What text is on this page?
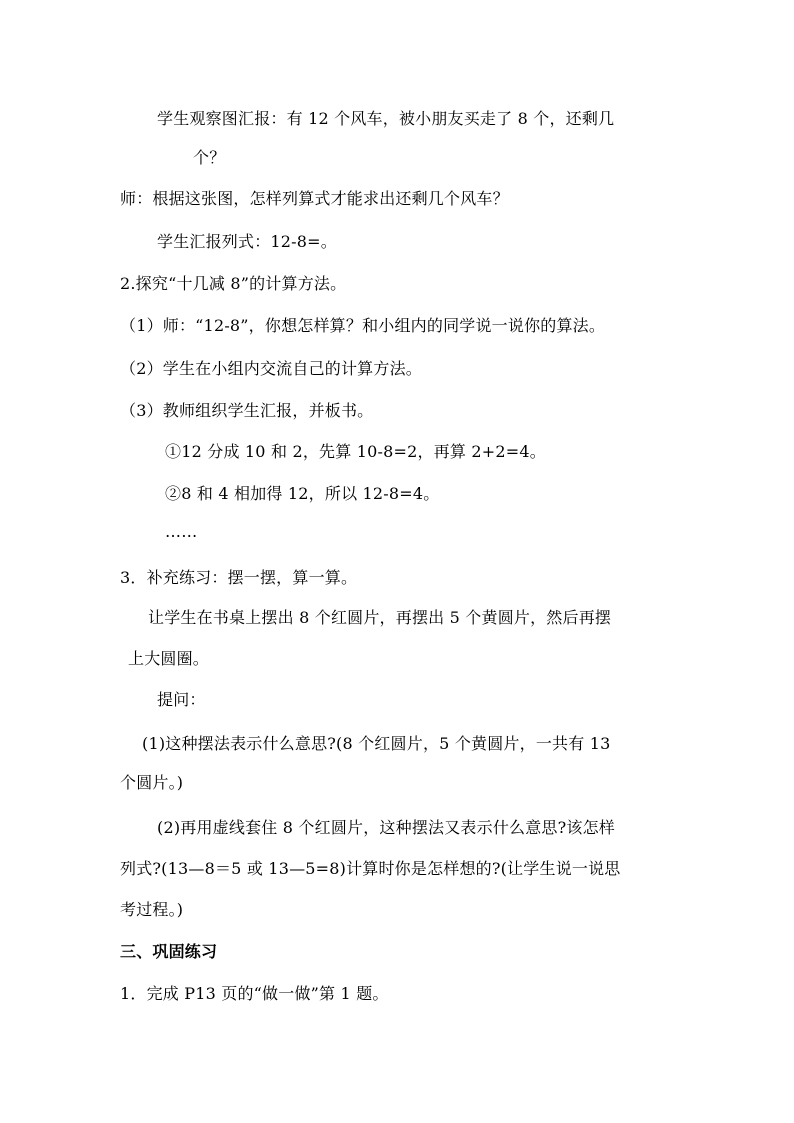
学生观察图汇报：有 12 个风车，被小朋友买走了 8 个，还剩几
个？
师：根据这张图，怎样列算式才能求出还剩几个风车？
学生汇报列式：12-8=。
2.探究“十几减 8”的计算方法。
（1）师：“12-8”，你想怎样算？和小组内的同学说一说你的算法。
（2）学生在小组内交流自己的计算方法。
（3）教师组织学生汇报，并板书。
①12 分成 10 和 2，先算 10-8=2，再算 2+2=4。
②8 和 4 相加得 12，所以 12-8=4。
……
3．补充练习：摆一摆，算一算。
让学生在书桌上摆出 8 个红圆片，再摆出 5 个黄圆片，然后再摆
上大圆圈。
提问：
(1)这种摆法表示什么意思?(8 个红圆片，5 个黄圆片，一共有 13
个圆片。)
(2)再用虚线套住 8 个红圆片，这种摆法又表示什么意思?该怎样
列式?(13—8＝5 或 13—5=8)计算时你是怎样想的?(让学生说一说思
考过程。)
三、巩固练习
1．完成 P13 页的“做一做”第 1 题。
